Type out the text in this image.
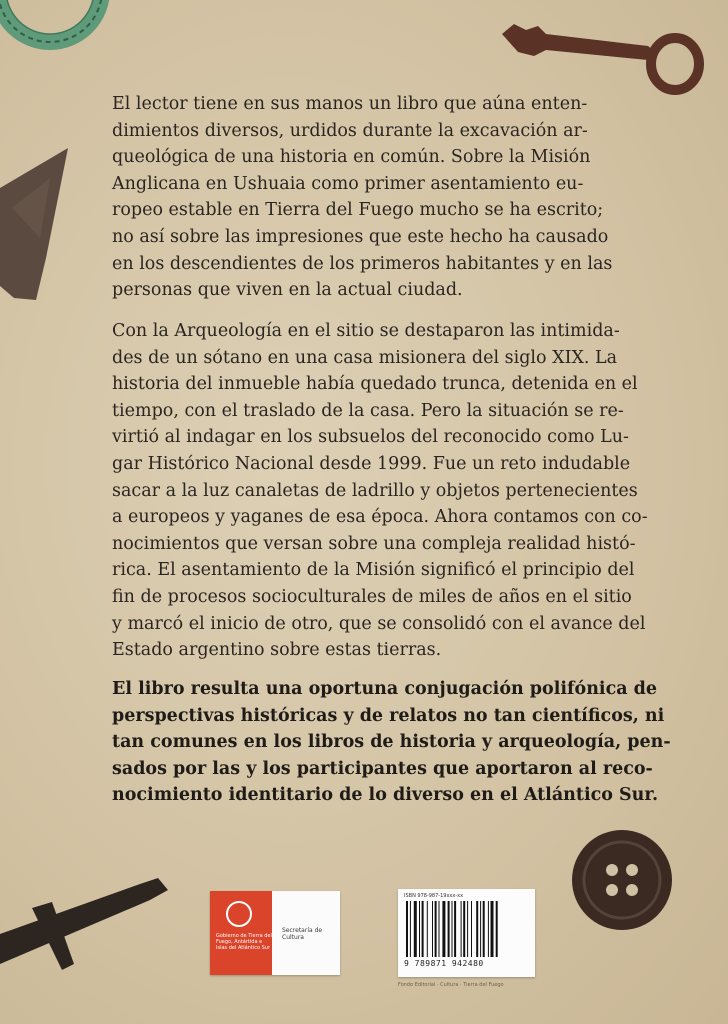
El lector tiene en sus manos un libro que aúna enten-
dimientos diversos, urdidos durante la excavación ar-
queológica de una historia en común. Sobre la Misión
Anglicana en Ushuaia como primer asentamiento eu-
ropeo estable en Tierra del Fuego mucho se ha escrito;
no así sobre las impresiones que este hecho ha causado
en los descendientes de los primeros habitantes y en las
personas que viven en la actual ciudad.
Con la Arqueología en el sitio se destaparon las intimida-
des de un sótano en una casa misionera del siglo XIX. La
historia del inmueble había quedado trunca, detenida en el
tiempo, con el traslado de la casa. Pero la situación se re-
virtió al indagar en los subsuelos del reconocido como Lu-
gar Histórico Nacional desde 1999. Fue un reto indudable
sacar a la luz canaletas de ladrillo y objetos pertenecientes
a europeos y yaganes de esa época. Ahora contamos con co-
nocimientos que versan sobre una compleja realidad histó-
rica. El asentamiento de la Misión significó el principio del
fin de procesos socioculturales de miles de años en el sitio
y marcó el inicio de otro, que se consolidó con el avance del
Estado argentino sobre estas tierras.
El libro resulta una oportuna conjugación polifónica de
perspectivas históricas y de relatos no tan científicos, ni
tan comunes en los libros de historia y arqueología, pen-
sados por las y los participantes que aportaron al reco-
nocimiento identitario de lo diverso en el Atlántico Sur.
Gobierno de Tierra del Fuego, Antártida e Islas del Atlántico Sur
Secretaría de Cultura
ISBN 978-987-19xxx-xx
9 789871 942480
Fondo Editorial · Cultura · Tierra del Fuego
